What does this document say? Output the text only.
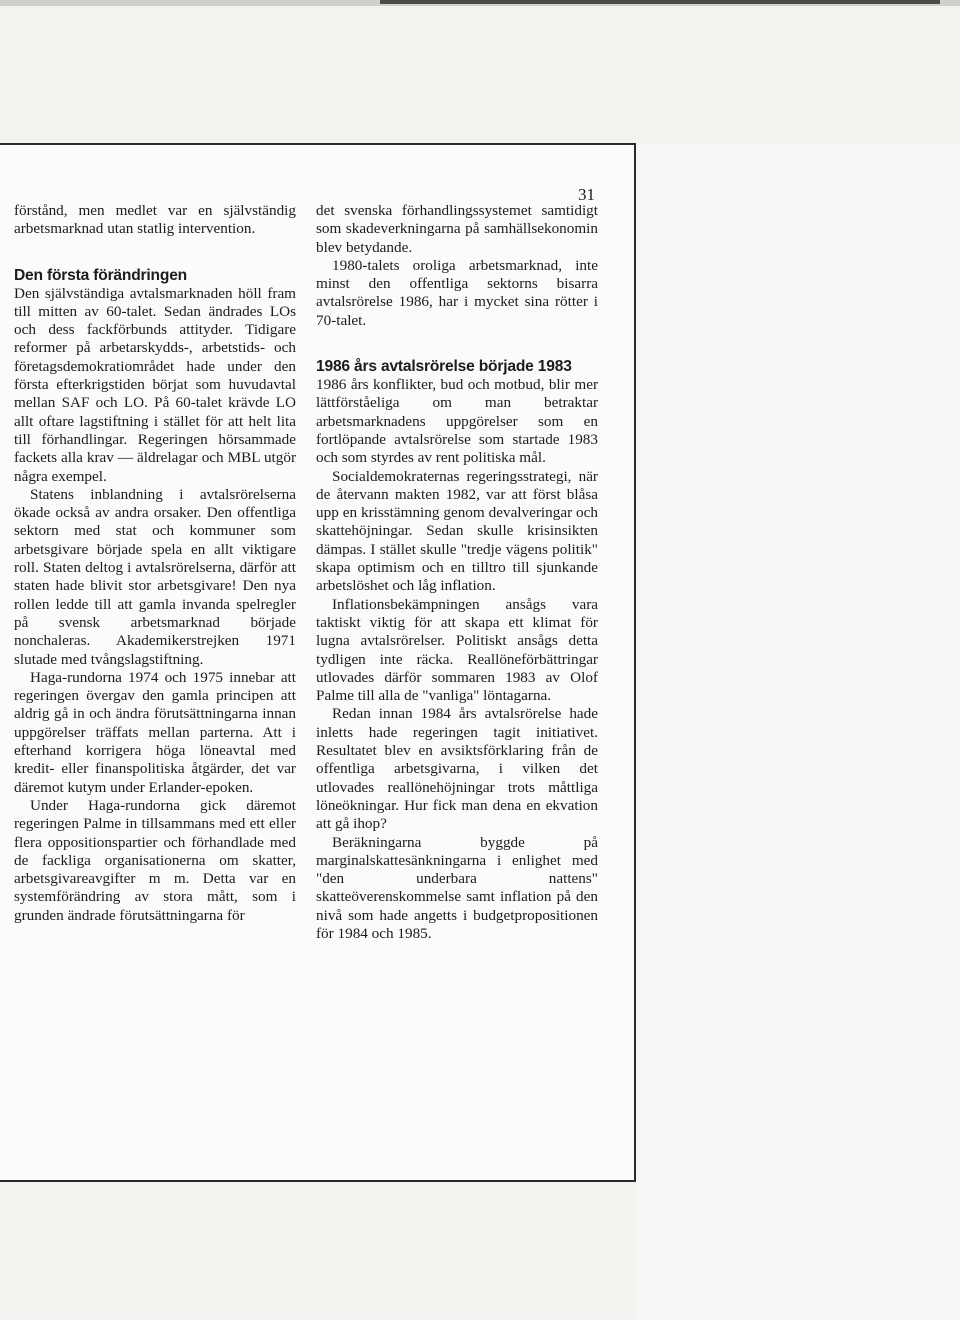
31

förstånd, men medlet var en självständig arbetsmarknad utan statlig intervention.

Den första förändringen

Den självständiga avtalsmarknaden höll fram till mitten av 60-talet. Sedan ändrades LOs och dess fackförbunds attityder. Tidigare reformer på arbetarskydds-, arbetstids- och företagsdemokratiområdet hade under den första efterkrigstiden börjat som huvudavtal mellan SAF och LO. På 60-talet krävde LO allt oftare lagstiftning i stället för att helt lita till förhandlingar. Regeringen hörsammade fackets alla krav — äldrelagar och MBL utgör några exempel.

Statens inblandning i avtalsrörelserna ökade också av andra orsaker. Den offentliga sektorn med stat och kommuner som arbetsgivare började spela en allt viktigare roll. Staten deltog i avtalsrörelserna, därför att staten hade blivit stor arbetsgivare! Den nya rollen ledde till att gamla invanda spelregler på svensk arbetsmarknad började nonchaleras. Akademikerstrejken 1971 slutade med tvångslagstiftning.

Haga-rundorna 1974 och 1975 innebar att regeringen övergav den gamla principen att aldrig gå in och ändra förutsättningarna innan uppgörelser träffats mellan parterna. Att i efterhand korrigera höga löneavtal med kredit- eller finanspolitiska åtgärder, det var däremot kutym under Erlander-epoken.

Under Haga-rundorna gick däremot regeringen Palme in tillsammans med ett eller flera oppositionspartier och förhandlade med de fackliga organisationerna om skatter, arbetsgivareavgifter m m. Detta var en systemförändring av stora mått, som i grunden ändrade förutsättningarna för

det svenska förhandlingssystemet samtidigt som skadeverkningarna på samhällsekonomin blev betydande.

1980-talets oroliga arbetsmarknad, inte minst den offentliga sektorns bisarra avtalsrörelse 1986, har i mycket sina rötter i 70-talet.

1986 års avtalsrörelse började 1983

1986 års konflikter, bud och motbud, blir mer lättförståeliga om man betraktar arbetsmarknadens uppgörelser som en fortlöpande avtalsrörelse som startade 1983 och som styrdes av rent politiska mål.

Socialdemokraternas regeringsstrategi, när de återvann makten 1982, var att först blåsa upp en krisstämning genom devalveringar och skattehöjningar. Sedan skulle krisinsikten dämpas. I stället skulle "tredje vägens politik" skapa optimism och en tilltro till sjunkande arbetslöshet och låg inflation.

Inflationsbekämpningen ansågs vara taktiskt viktig för att skapa ett klimat för lugna avtalsrörelser. Politiskt ansågs detta tydligen inte räcka. Reallöneförbättringar utlovades därför sommaren 1983 av Olof Palme till alla de "vanliga" löntagarna.

Redan innan 1984 års avtalsrörelse hade inletts hade regeringen tagit initiativet. Resultatet blev en avsiktsförklaring från de offentliga arbetsgivarna, i vilken det utlovades reallönehöjningar trots måttliga löneökningar. Hur fick man dena en ekvation att gå ihop?

Beräkningarna byggde på marginalskattesänkningarna i enlighet med "den underbara nattens" skatteöverenskommelse samt inflation på den nivå som hade angetts i budgetpropositionen för 1984 och 1985.
